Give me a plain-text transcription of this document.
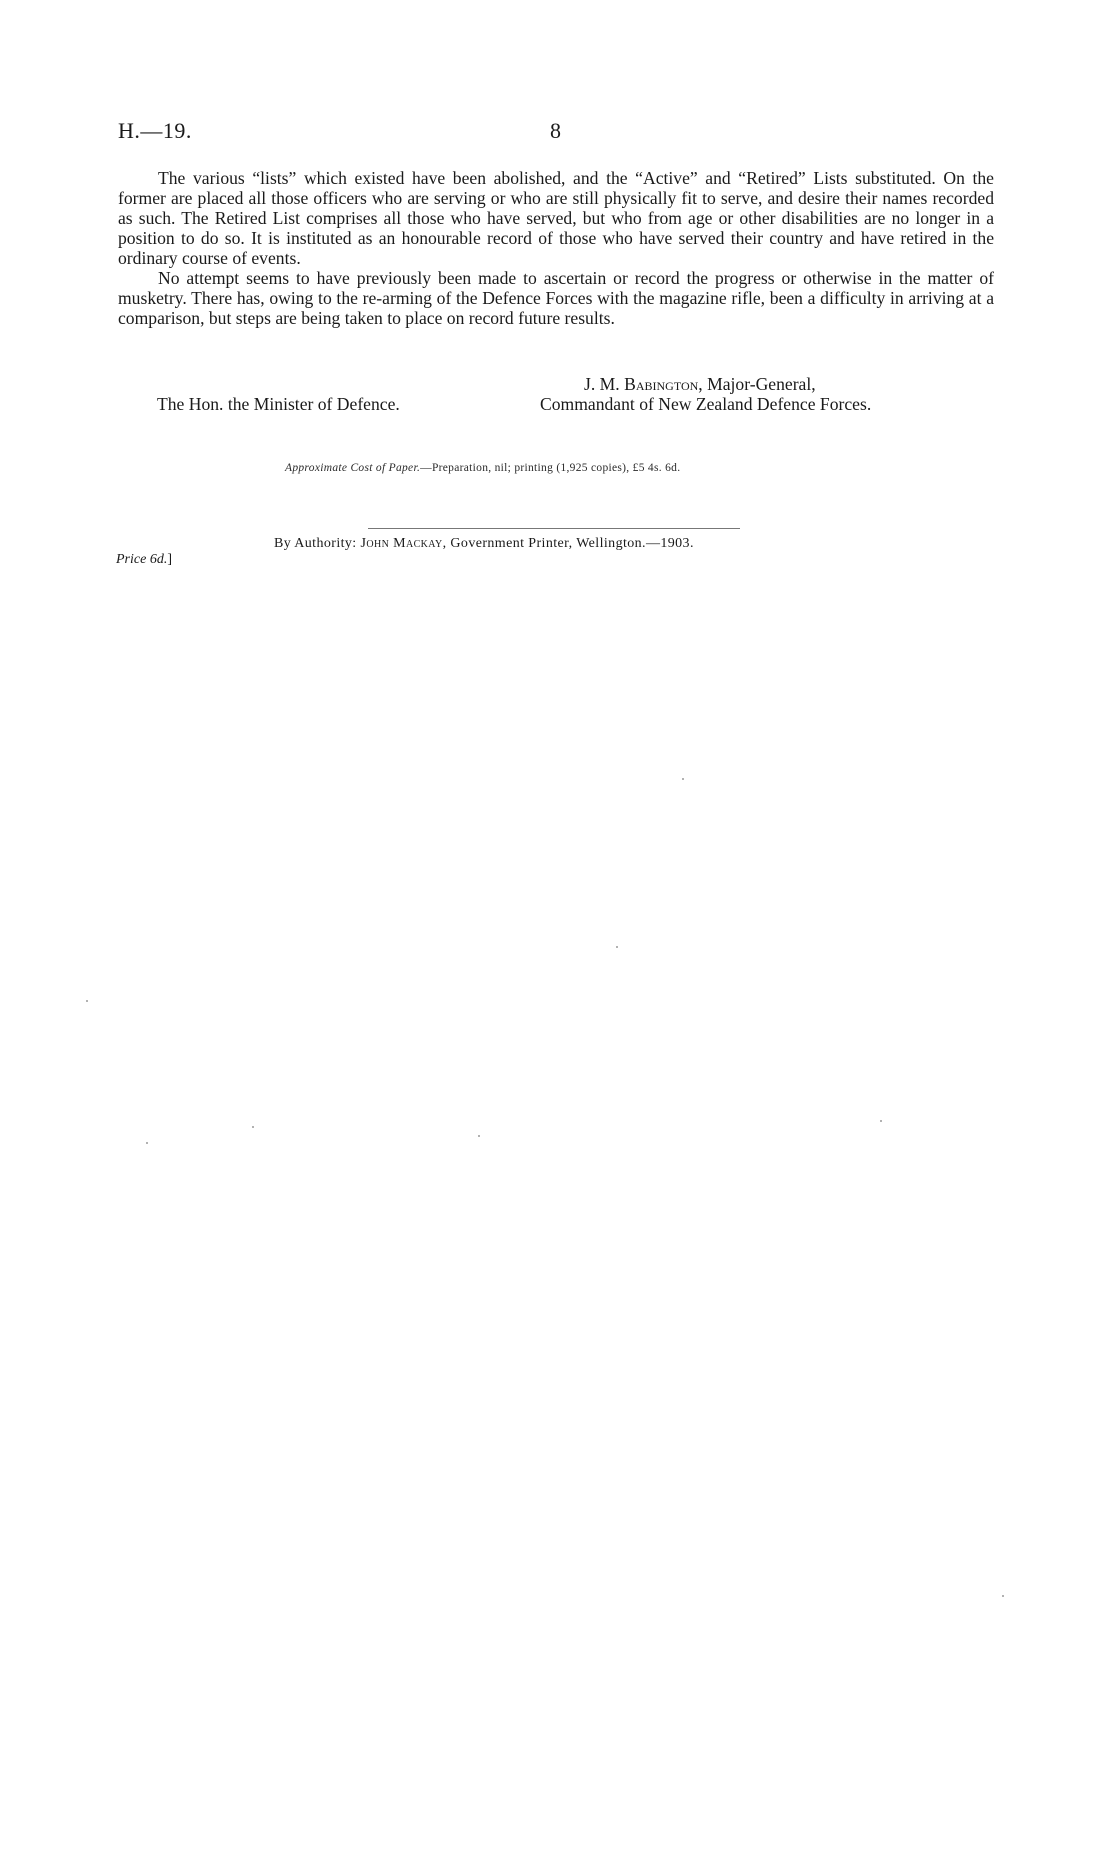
H.—19.	8

The various “lists” which existed have been abolished, and the “Active” and “Retired” Lists substituted. On the former are placed all those officers who are serving or who are still physically fit to serve, and desire their names recorded as such. The Retired List comprises all those who have served, but who from age or other disabilities are no longer in a position to do so. It is instituted as an honourable record of those who have served their country and have retired in the ordinary course of events.

No attempt seems to have previously been made to ascertain or record the progress or otherwise in the matter of musketry. There has, owing to the re-arming of the Defence Forces with the magazine rifle, been a difficulty in arriving at a comparison, but steps are being taken to place on record future results.

The Hon. the Minister of Defence.
J. M. Babington, Major-General,
Commandant of New Zealand Defence Forces.
Approximate Cost of Paper.—Preparation, nil; printing (1,925 copies), £5 4s. 6d.
By Authority: John Mackay, Government Printer, Wellington.—1903.
Price 6d.]
